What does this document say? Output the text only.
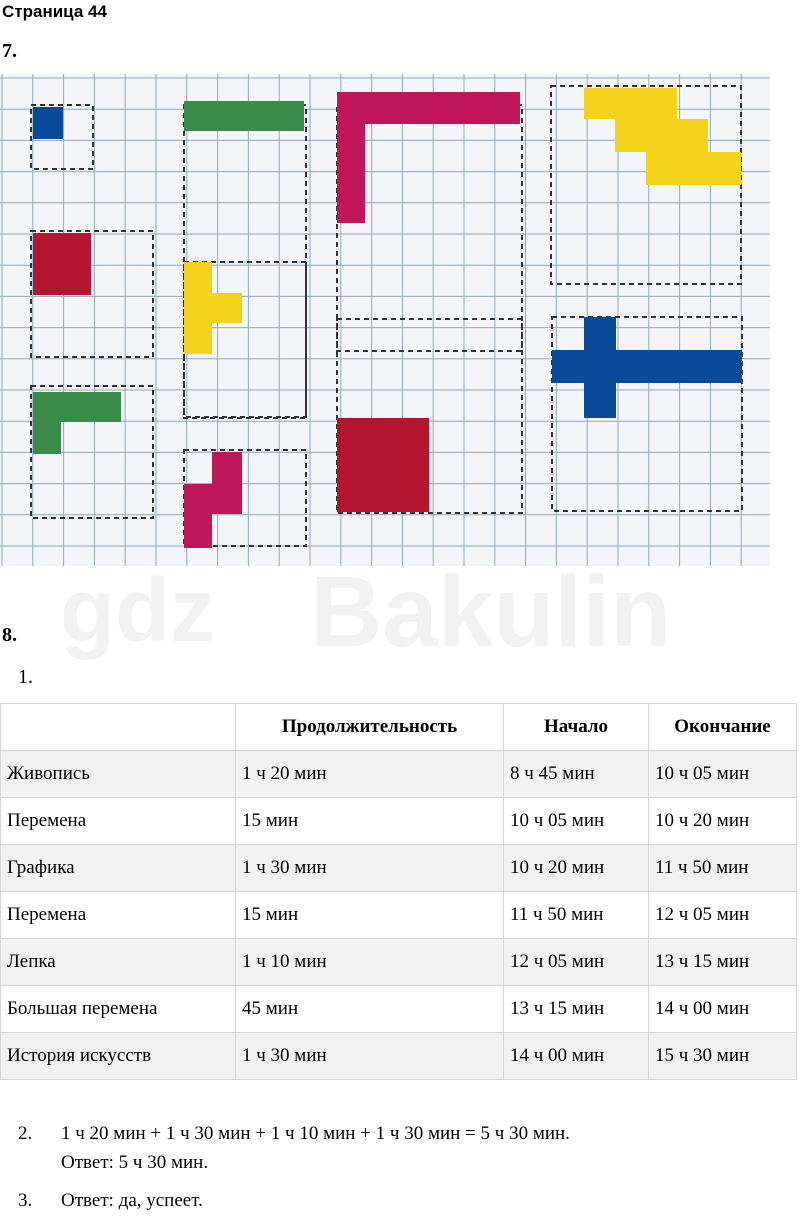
Страница 44
gdz Bakulin
7.
8.
1.
	Продолжительность	Начало	Окончание
Живопись	1 ч 20 мин	8 ч 45 мин	10 ч 05 мин
Перемена	15 мин	10 ч 05 мин	10 ч 20 мин
Графика	1 ч 30 мин	10 ч 20 мин	11 ч 50 мин
Перемена	15 мин	11 ч 50 мин	12 ч 05 мин
Лепка	1 ч 10 мин	12 ч 05 мин	13 ч 15 мин
Большая перемена	45 мин	13 ч 15 мин	14 ч 00 мин
История искусств	1 ч 30 мин	14 ч 00 мин	15 ч 30 мин
2. 1 ч 20 мин + 1 ч 30 мин + 1 ч 10 мин + 1 ч 30 мин = 5 ч 30 мин.
Ответ: 5 ч 30 мин.
3. Ответ: да, успеет.
